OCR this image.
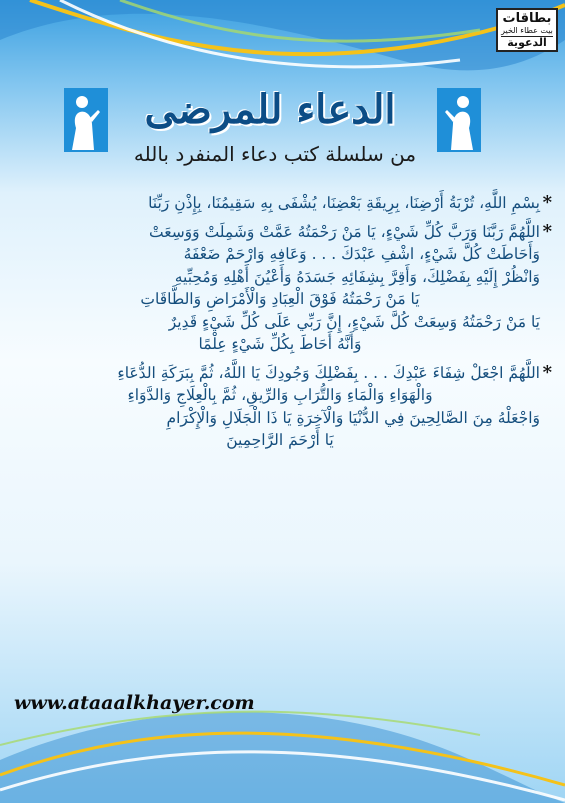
بطاقات
بيت عطاء الخير
الدعوية
الدعاء للمرضى
من سلسلة كتب دعاء المنفرد بالله
*
بِسْمِ اللَّهِ، تُرْبَةُ أَرْضِنَا، بِرِيقَةِ بَعْضِنَا، يُشْفَى بِهِ سَقِيمُنَا، بِإِذْنِ رَبِّنَا
*
اللَّهُمَّ رَبَّنَا وَرَبَّ كُلِّ شَيْءٍ، يَا مَنْ رَحْمَتُهُ عَمَّتْ وَشَمِلَتْ وَوَسِعَتْ
وَأَحَاطَتْ كُلَّ شَيْءٍ، اشْفِ عَبْدَكَ . . . وَعَافِهِ وَارْحَمْ ضَعْفَهُ
وَانْظُرْ إِلَيْهِ بِفَضْلِكَ، وَأَقِرَّ بِشِفَائِهِ جَسَدَهُ وَأَعْيُنَ أَهْلِهِ وَمُحِبِّيهِ
يَا مَنْ رَحْمَتُهُ فَوْقَ الْعِبَادِ وَالْأَمْرَاضِ وَالطَّاقَاتِ
يَا مَنْ رَحْمَتُهُ وَسِعَتْ كُلَّ شَيْءٍ، إِنَّ رَبِّي عَلَى كُلِّ شَيْءٍ قَدِيرٌ
وَأَنَّهُ أَحَاطَ بِكُلِّ شَيْءٍ عِلْمًا
*
اللَّهُمَّ اجْعَلْ شِفَاءَ عَبْدِكَ . . . بِفَضْلِكَ وَجُودِكَ يَا اللَّهُ، ثُمَّ بِبَرَكَةِ الدُّعَاءِ
وَالْهَوَاءِ وَالْمَاءِ وَالتُّرَابِ وَالرِّيقِ، ثُمَّ بِالْعِلَاجِ وَالدَّوَاءِ
وَاجْعَلْهُ مِنَ الصَّالِحِينَ فِي الدُّنْيَا وَالْآخِرَةِ يَا ذَا الْجَلَالِ وَالْإِكْرَامِ
يَا أَرْحَمَ الرَّاحِمِينَ
www.ataaalkhayer.com
